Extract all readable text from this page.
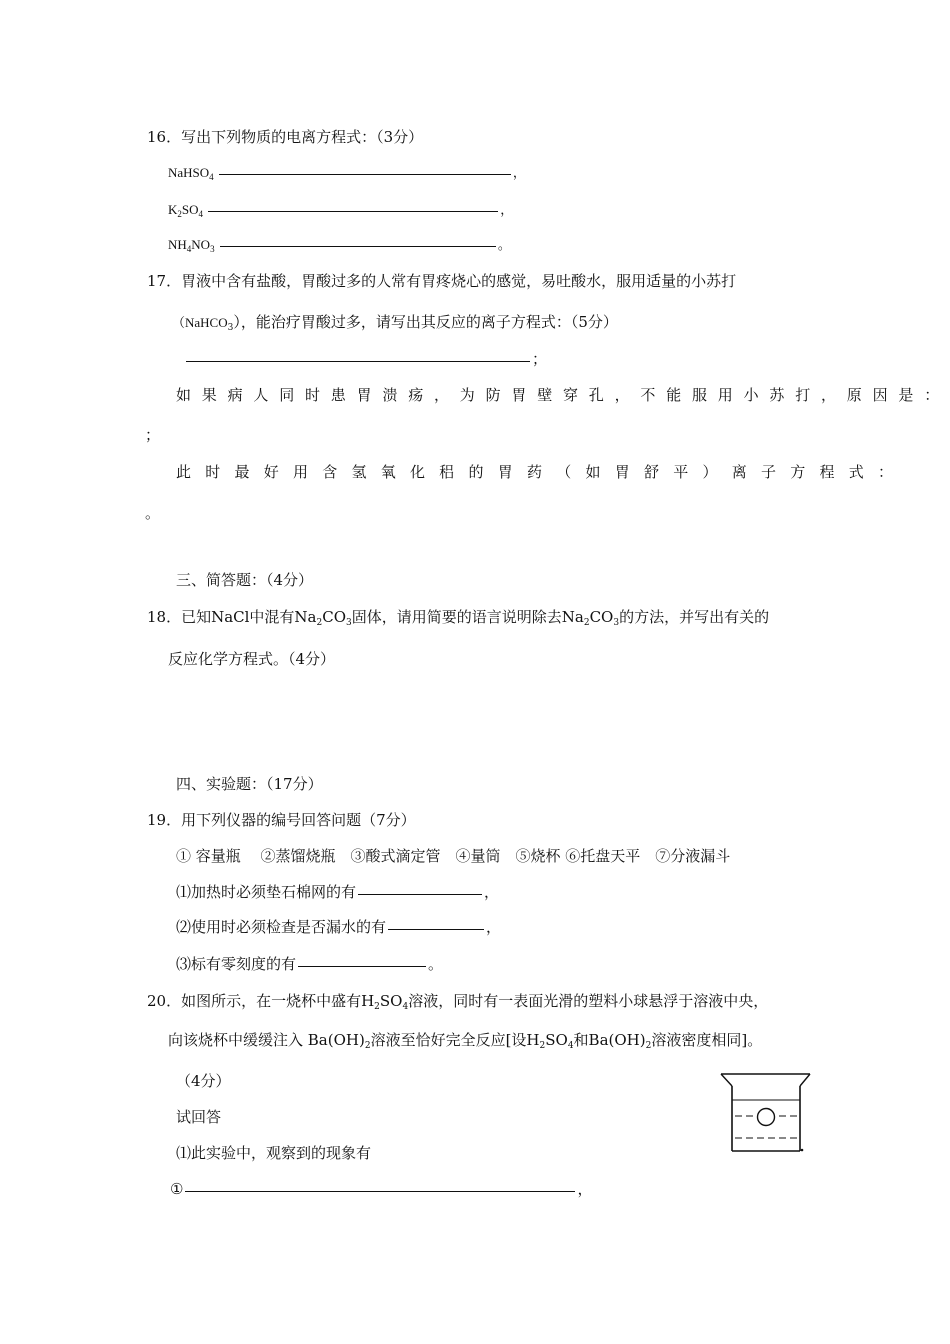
16．写出下列物质的电离方程式：（3分）
NaHSO$_4$	，
$K_2SO_4$	，
$NH_4NO_3$	。
17．胃液中含有盐酸，胃酸过多的人常有胃疼烧心的感觉，易吐酸水，服用适量的小苏打
（NaHCO$_3$），能治疗胃酸过多，请写出其反应的离子方程式：（5分）
；
如果病人同时患胃溃疡，为防胃壁穿孔，不能服用小苏打，原因是：
；
此时最好用含氢氧化稆的胃药（如胃舒平）离子方程式：
。
三、简答题：（4分）
18．已知NaCl中混有$Na_2CO_3$固体，请用简要的语言说明除去$Na_2CO_3$的方法，并写出有关的
反应化学方程式。（4分）
四、实验题：（17分）
19．用下列仪器的编号回答问题（7分）
① 容量瓶　 ②蒸馏烧瓶　③酸式滴定管　④量筒　⑤烧杯 ⑥托盘天平　⑦分液漏斗
⑴加热时必须垫石棉网的有	，
⑵使用时必须检查是否漏水的有	，
⑶标有零刻度的有	。
20．如图所示，在一烧杯中盛有$H_2SO_4$溶液，同时有一表面光滑的塑料小球悬浮于溶液中央，
向该烧杯中缓缓注入 $Ba(OH)_2$溶液至恰好完全反应[设$H_2SO_4$和$Ba(OH)_2$溶液密度相同]。
（4分）
试回答
⑴此实验中，观察到的现象有
①	，
